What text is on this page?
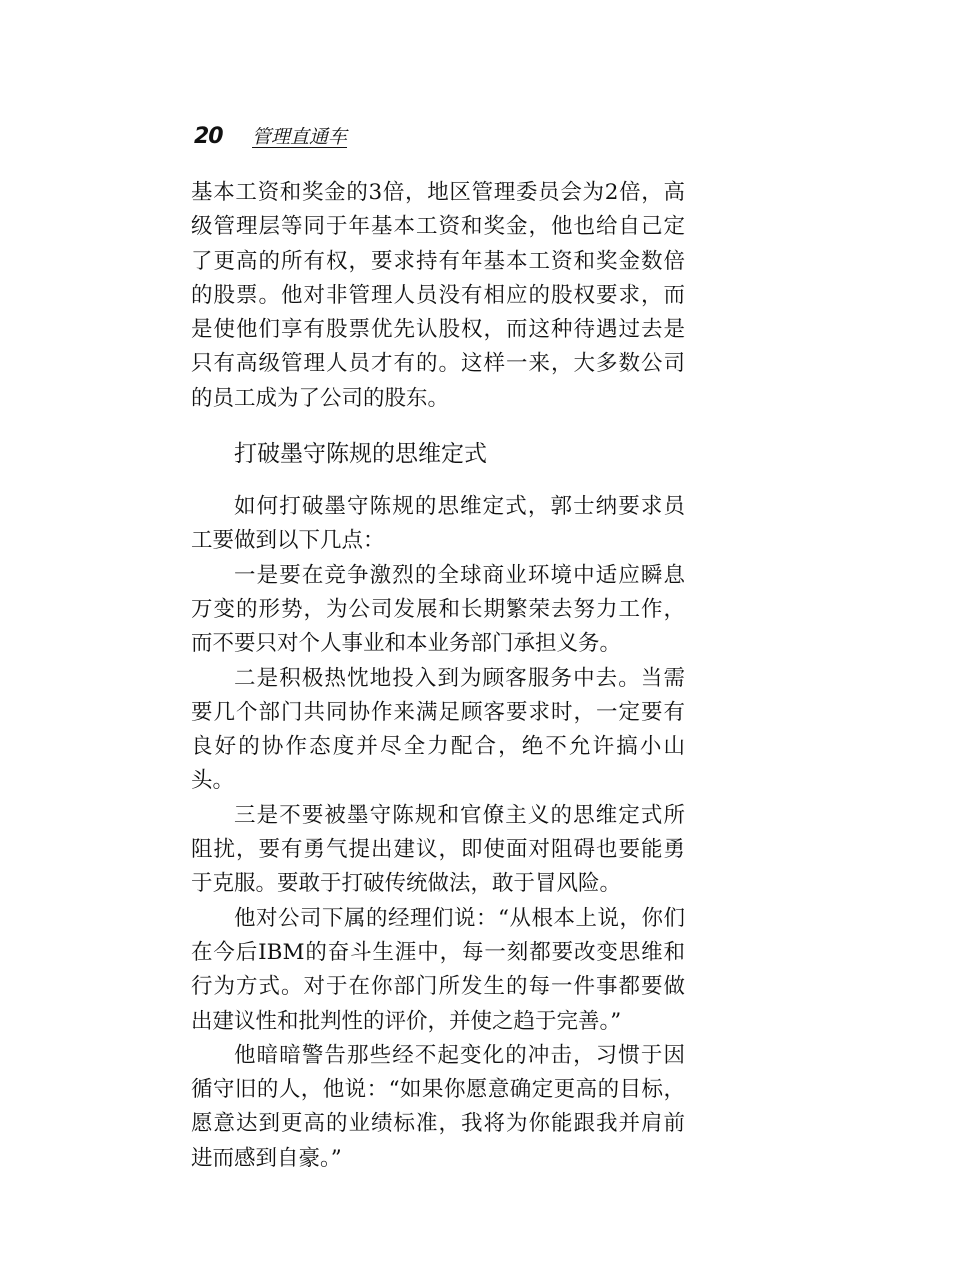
20	管理直通车

基本工资和奖金的3倍，地区管理委员会为2倍，高级管理层等同于年基本工资和奖金，他也给自己定了更高的所有权，要求持有年基本工资和奖金数倍的股票。他对非管理人员没有相应的股权要求，而是使他们享有股票优先认股权，而这种待遇过去是只有高级管理人员才有的。这样一来，大多数公司的员工成为了公司的股东。

打破墨守陈规的思维定式

如何打破墨守陈规的思维定式，郭士纳要求员工要做到以下几点：

一是要在竞争激烈的全球商业环境中适应瞬息万变的形势，为公司发展和长期繁荣去努力工作，而不要只对个人事业和本业务部门承担义务。

二是积极热忱地投入到为顾客服务中去。当需要几个部门共同协作来满足顾客要求时，一定要有良好的协作态度并尽全力配合，绝不允许搞小山头。

三是不要被墨守陈规和官僚主义的思维定式所阻扰，要有勇气提出建议，即使面对阻碍也要能勇于克服。要敢于打破传统做法，敢于冒风险。

他对公司下属的经理们说：“从根本上说，你们在今后IBM的奋斗生涯中，每一刻都要改变思维和行为方式。对于在你部门所发生的每一件事都要做出建议性和批判性的评价，并使之趋于完善。”

他暗暗警告那些经不起变化的冲击，习惯于因循守旧的人，他说：“如果你愿意确定更高的目标，愿意达到更高的业绩标准，我将为你能跟我并肩前进而感到自豪。”
